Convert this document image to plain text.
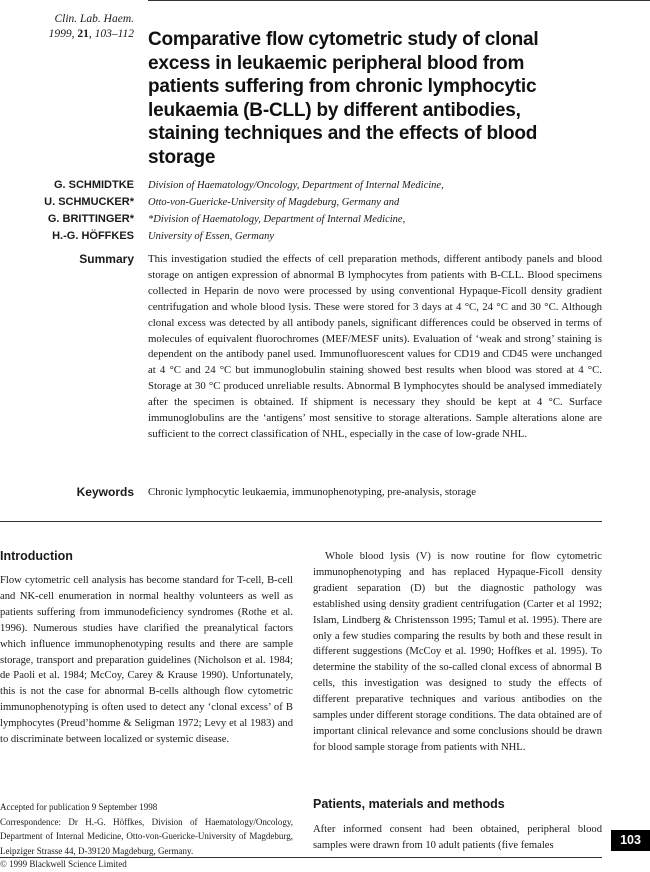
Clin. Lab. Haem.
1999, 21, 103–112 Comparative flow cytometric study of clonal excess in leukaemic peripheral blood from patients suffering from chronic lymphocytic leukaemia (B-CLL) by different antibodies, staining techniques and the effects of blood storage
G. SCHMIDTKE
U. SCHMUCKER*
G. BRITTINGER*
H.-G. HÖFFKES
Division of Haematology/Oncology, Department of Internal Medicine,
Otto-von-Guericke-University of Magdeburg, Germany and
*Division of Haematology, Department of Internal Medicine,
University of Essen, Germany
Summary This investigation studied the effects of cell preparation methods, different antibody panels and blood storage on antigen expression of abnormal B lymphocytes from patients with B-CLL. Blood specimens collected in Heparin de novo were processed by using conventional Hypaque-Ficoll density gradient centrifugation and whole blood lysis. These were stored for 3 days at 4 °C, 24 °C and 30 °C. Although clonal excess was detected by all antibody panels, significant differences could be observed in terms of molecules of equivalent fluorochromes (MEF/MESF units). Evaluation of ‘weak and strong’ staining is dependent on the antibody panel used. Immunofluorescent values for CD19 and CD45 were unchanged at 4 °C and 24 °C but immunoglobulin staining showed best results when blood was stored at 4 °C. Storage at 30 °C produced unreliable results. Abnormal B lymphocytes should be analysed immediately after the specimen is obtained. If shipment is necessary they should be kept at 4 °C. Surface immunoglobulins are the ‘antigens’ most sensitive to storage alterations. Sample alterations alone are sufficient to the correct classification of NHL, especially in the case of low-grade NHL.
Keywords Chronic lymphocytic leukaemia, immunophenotyping, pre-analysis, storage
Introduction

Flow cytometric cell analysis has become standard for T-cell, B-cell and NK-cell enumeration in normal healthy volunteers as well as patients suffering from immunodeficiency syndromes (Rothe et al. 1996). Numerous studies have clarified the preanalytical factors which influence immunophenotyping results and there are sample storage, transport and preparation guidelines (Nicholson et al. 1984; de Paoli et al. 1984; McCoy, Carey & Krause 1990). Unfortunately, this is not the case for abnormal B-cells although flow cytometric immunophenotyping is often used to detect any ‘clonal excess’ of B lymphocytes (Preud’homme & Seligman 1972; Levy et al 1983) and to discriminate between localized or systemic disease.

Whole blood lysis (V) is now routine for flow cytometric immunophenotyping and has replaced Hypaque-Ficoll density gradient separation (D) but the diagnostic pathology was established using density gradient centrifugation (Carter et al 1992; Islam, Lindberg & Christensson 1995; Tamul et al. 1995). There are only a few studies comparing the results by both and these result in different suggestions (McCoy et al. 1990; Hoffkes et al. 1995). To determine the stability of the so-called clonal excess of abnormal B cells, this investigation was designed to study the effects of different preparative techniques and various antibodies on the samples under different storage conditions. The data obtained are of important clinical relevance and some conclusions should be drawn for blood sample storage from patients with NHL.

Patients, materials and methods

After informed consent had been obtained, peripheral blood samples were drawn from 10 adult patients (five females

Accepted for publication 9 September 1998
Correspondence: Dr H.-G. Höffkes, Division of Haematology/Oncology, Department of Internal Medicine, Otto-von-Guericke-University of Magdeburg, Leipziger Strasse 44, D-39120 Magdeburg, Germany.
© 1999 Blackwell Science Limited
103
